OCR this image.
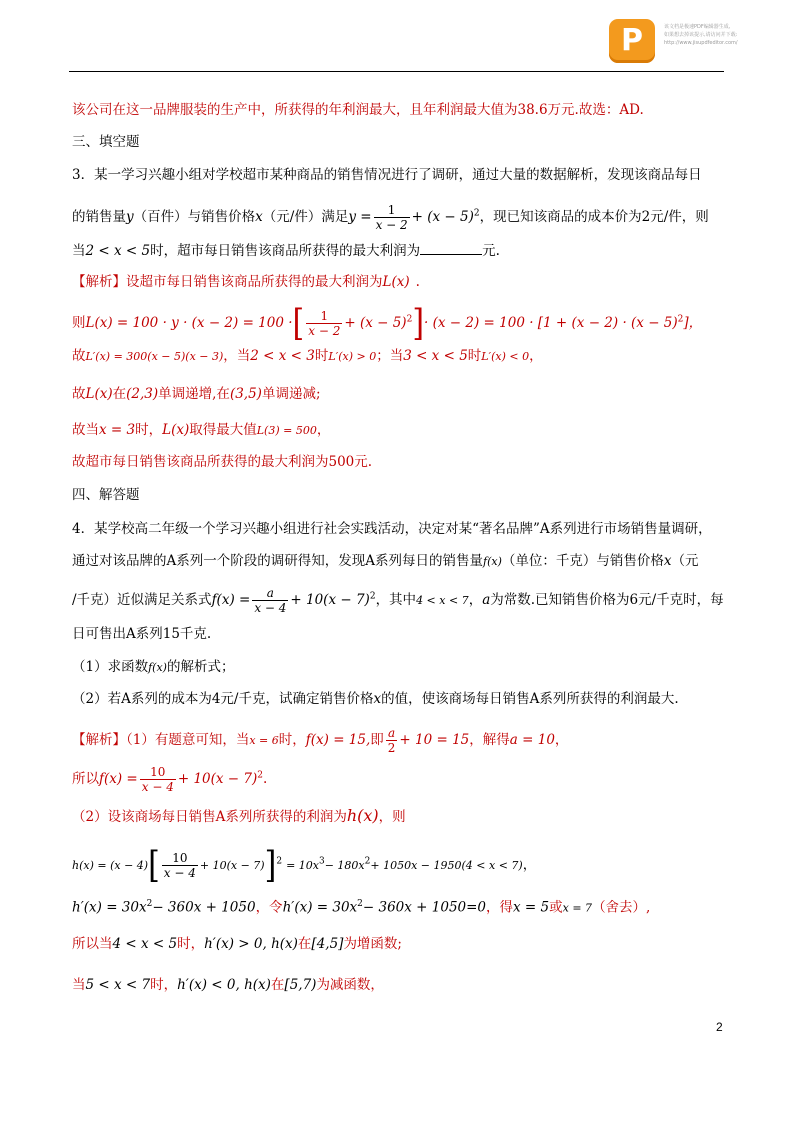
P	该文档是极速PDF编辑器生成,
如果想去掉该提示,请访问并下载:
http://www.jisupdfeditor.com/
该公司在这一品牌服装的生产中，所获得的年利润最大，且年利润最大值为38.6万元.故选：AD.
三、填空题
3．某一学习兴趣小组对学校超市某种商品的销售情况进行了调研，通过大量的数据解析，发现该商品每日
的销售量y（百件）与销售价格x（元/件）满足$y = \frac{1}{x - 2} + (x - 5)^2$，现已知该商品的成本价为2元/件，则
当2 < x < 5时，超市每日销售该商品所获得的最大利润为	元.
【解析】设超市每日销售该商品所获得的最大利润为L(x) .
则L(x) = 100 · y · (x − 2) = 100 ·[ $\frac{1}{x - 2} + (x - 5)^2]\cdot (x - 2) = 100 \cdot [1 + (x - 2) \cdot (x - 5)^2]$，
故L′(x) = 300(x − 5)(x − 3)，当2 < x < 3时L′(x) > 0；当3 < x < 5时L′(x) < 0，
故L(x)在(2,3)单调递增,在(3,5)单调递减;
故当x = 3时，L(x)取得最大值L(3) = 500，
故超市每日销售该商品所获得的最大利润为500元.
四、解答题
4．某学校高二年级一个学习兴趣小组进行社会实践活动，决定对某“著名品牌”A系列进行市场销售量调研，
通过对该品牌的A系列一个阶段的调研得知，发现A系列每日的销售量f(x)（单位：千克）与销售价格x（元
/千克）近似满足关系式$f(x) = \frac{a}{x - 4} + 10(x - 7)^2$，其中4 < x < 7，a为常数.已知销售价格为6元/千克时，每
日可售出A系列15千克.
（1）求函数f(x)的解析式；
（2）若A系列的成本为4元/千克，试确定销售价格x的值，使该商场每日销售A系列所获得的利润最大.
【解析】（1）有题意可知，当x = 6时，f(x) = 15,即 $\frac{a}{2} + 10 = 15$，解得a = 10，
所以$f(x) = \frac{10}{x - 4} + 10(x - 7)^2$.
（2）设该商场每日销售A系列所获得的利润为h(x)，则
$h(x) = (x - 4)[ \frac{10}{x - 4} + 10(x - 7)]^2 = 10x^3- 180x^2+ 1050x - 1950(4 < x < 7)$，
$h'(x) = 30x^2- 360x + 1050$，令$h'(x) = 30x^2- 360x + 1050=0$，得x = 5或x = 7（舍去）,
所以当4 < x < 5时，h′(x) > 0, h(x)在[4,5]为增函数;
当5 < x < 7时，h′(x) < 0, h(x)在[5,7)为减函数，
2
